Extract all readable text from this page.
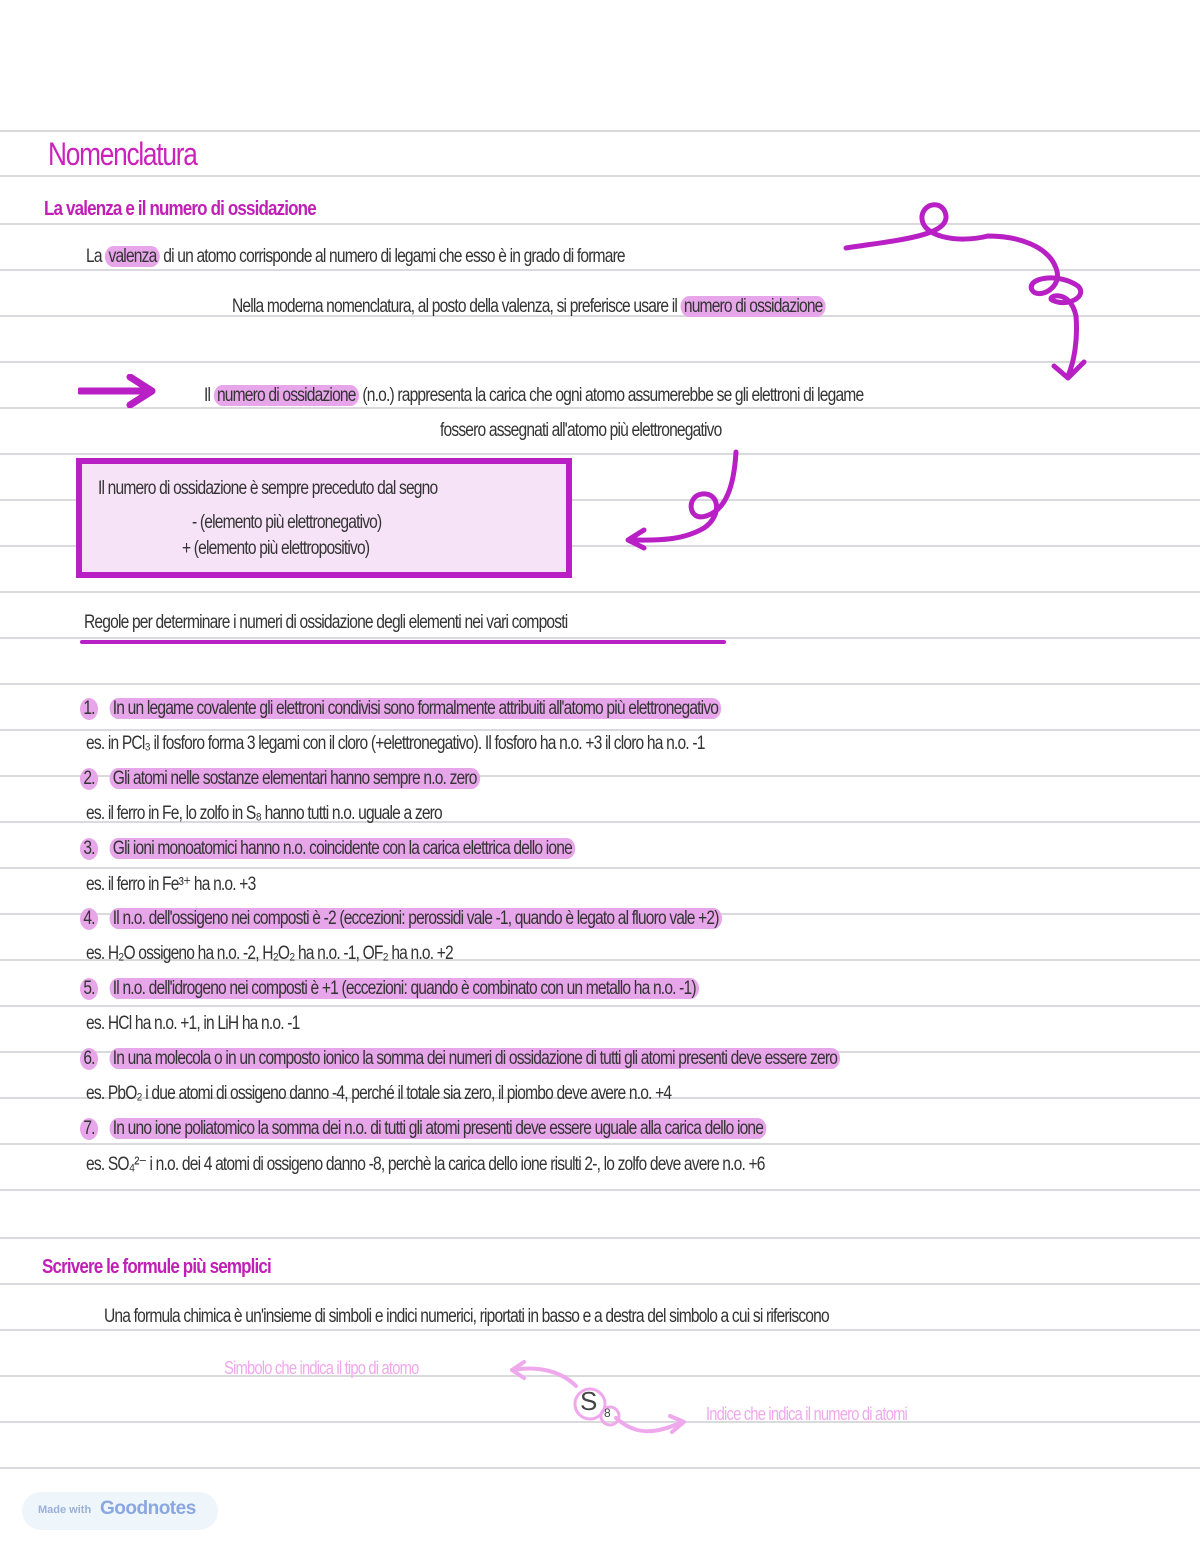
Nomenclatura
La valenza e il numero di ossidazione
La valenza di un atomo corrisponde al numero di legami che esso è in grado di formare
Nella moderna nomenclatura, al posto della valenza, si preferisce usare il numero di ossidazione
Il numero di ossidazione (n.o.) rappresenta la carica che ogni atomo assumerebbe se gli elettroni di legame
fossero assegnati all'atomo più elettronegativo
Il numero di ossidazione è sempre preceduto dal segno
- (elemento più elettronegativo)
+ (elemento più elettropositivo)
Regole per determinare i numeri di ossidazione degli elementi nei vari composti
1. In un legame covalente gli elettroni condivisi sono formalmente attribuiti all'atomo più elettronegativo
es. in PCl₃ il fosforo forma 3 legami con il cloro (+elettronegativo). Il fosforo ha n.o. +3 il cloro ha n.o. -1
2. Gli atomi nelle sostanze elementari hanno sempre n.o. zero
es. il ferro in Fe, lo zolfo in S₈ hanno tutti n.o. uguale a zero
3. Gli ioni monoatomici hanno n.o. coincidente con la carica elettrica dello ione
es. il ferro in Fe³⁺ ha n.o. +3
4. Il n.o. dell'ossigeno nei composti è -2 (eccezioni: perossidi vale -1, quando è legato al fluoro vale +2)
es. H₂O ossigeno ha n.o. -2, H₂O₂ ha n.o. -1, OF₂ ha n.o. +2
5. Il n.o. dell'idrogeno nei composti è +1 (eccezioni: quando è combinato con un metallo ha n.o. -1)
es. HCl ha n.o. +1, in LiH ha n.o. -1
6. In una molecola o in un composto ionico la somma dei numeri di ossidazione di tutti gli atomi presenti deve essere zero
es. PbO₂ i due atomi di ossigeno danno -4, perché il totale sia zero, il piombo deve avere n.o. +4
7. In uno ione poliatomico la somma dei n.o. di tutti gli atomi presenti deve essere uguale alla carica dello ione
es. SO₄²⁻ i n.o. dei 4 atomi di ossigeno danno -8, perchè la carica dello ione risulti 2-, lo zolfo deve avere n.o. +6
Scrivere le formule più semplici
Una formula chimica è un'insieme di simboli e indici numerici, riportati in basso e a destra del simbolo a cui si riferiscono
Simbolo che indica il tipo di atomo
S 8	Indice che indica il numero di atomi
Made with Goodnotes
